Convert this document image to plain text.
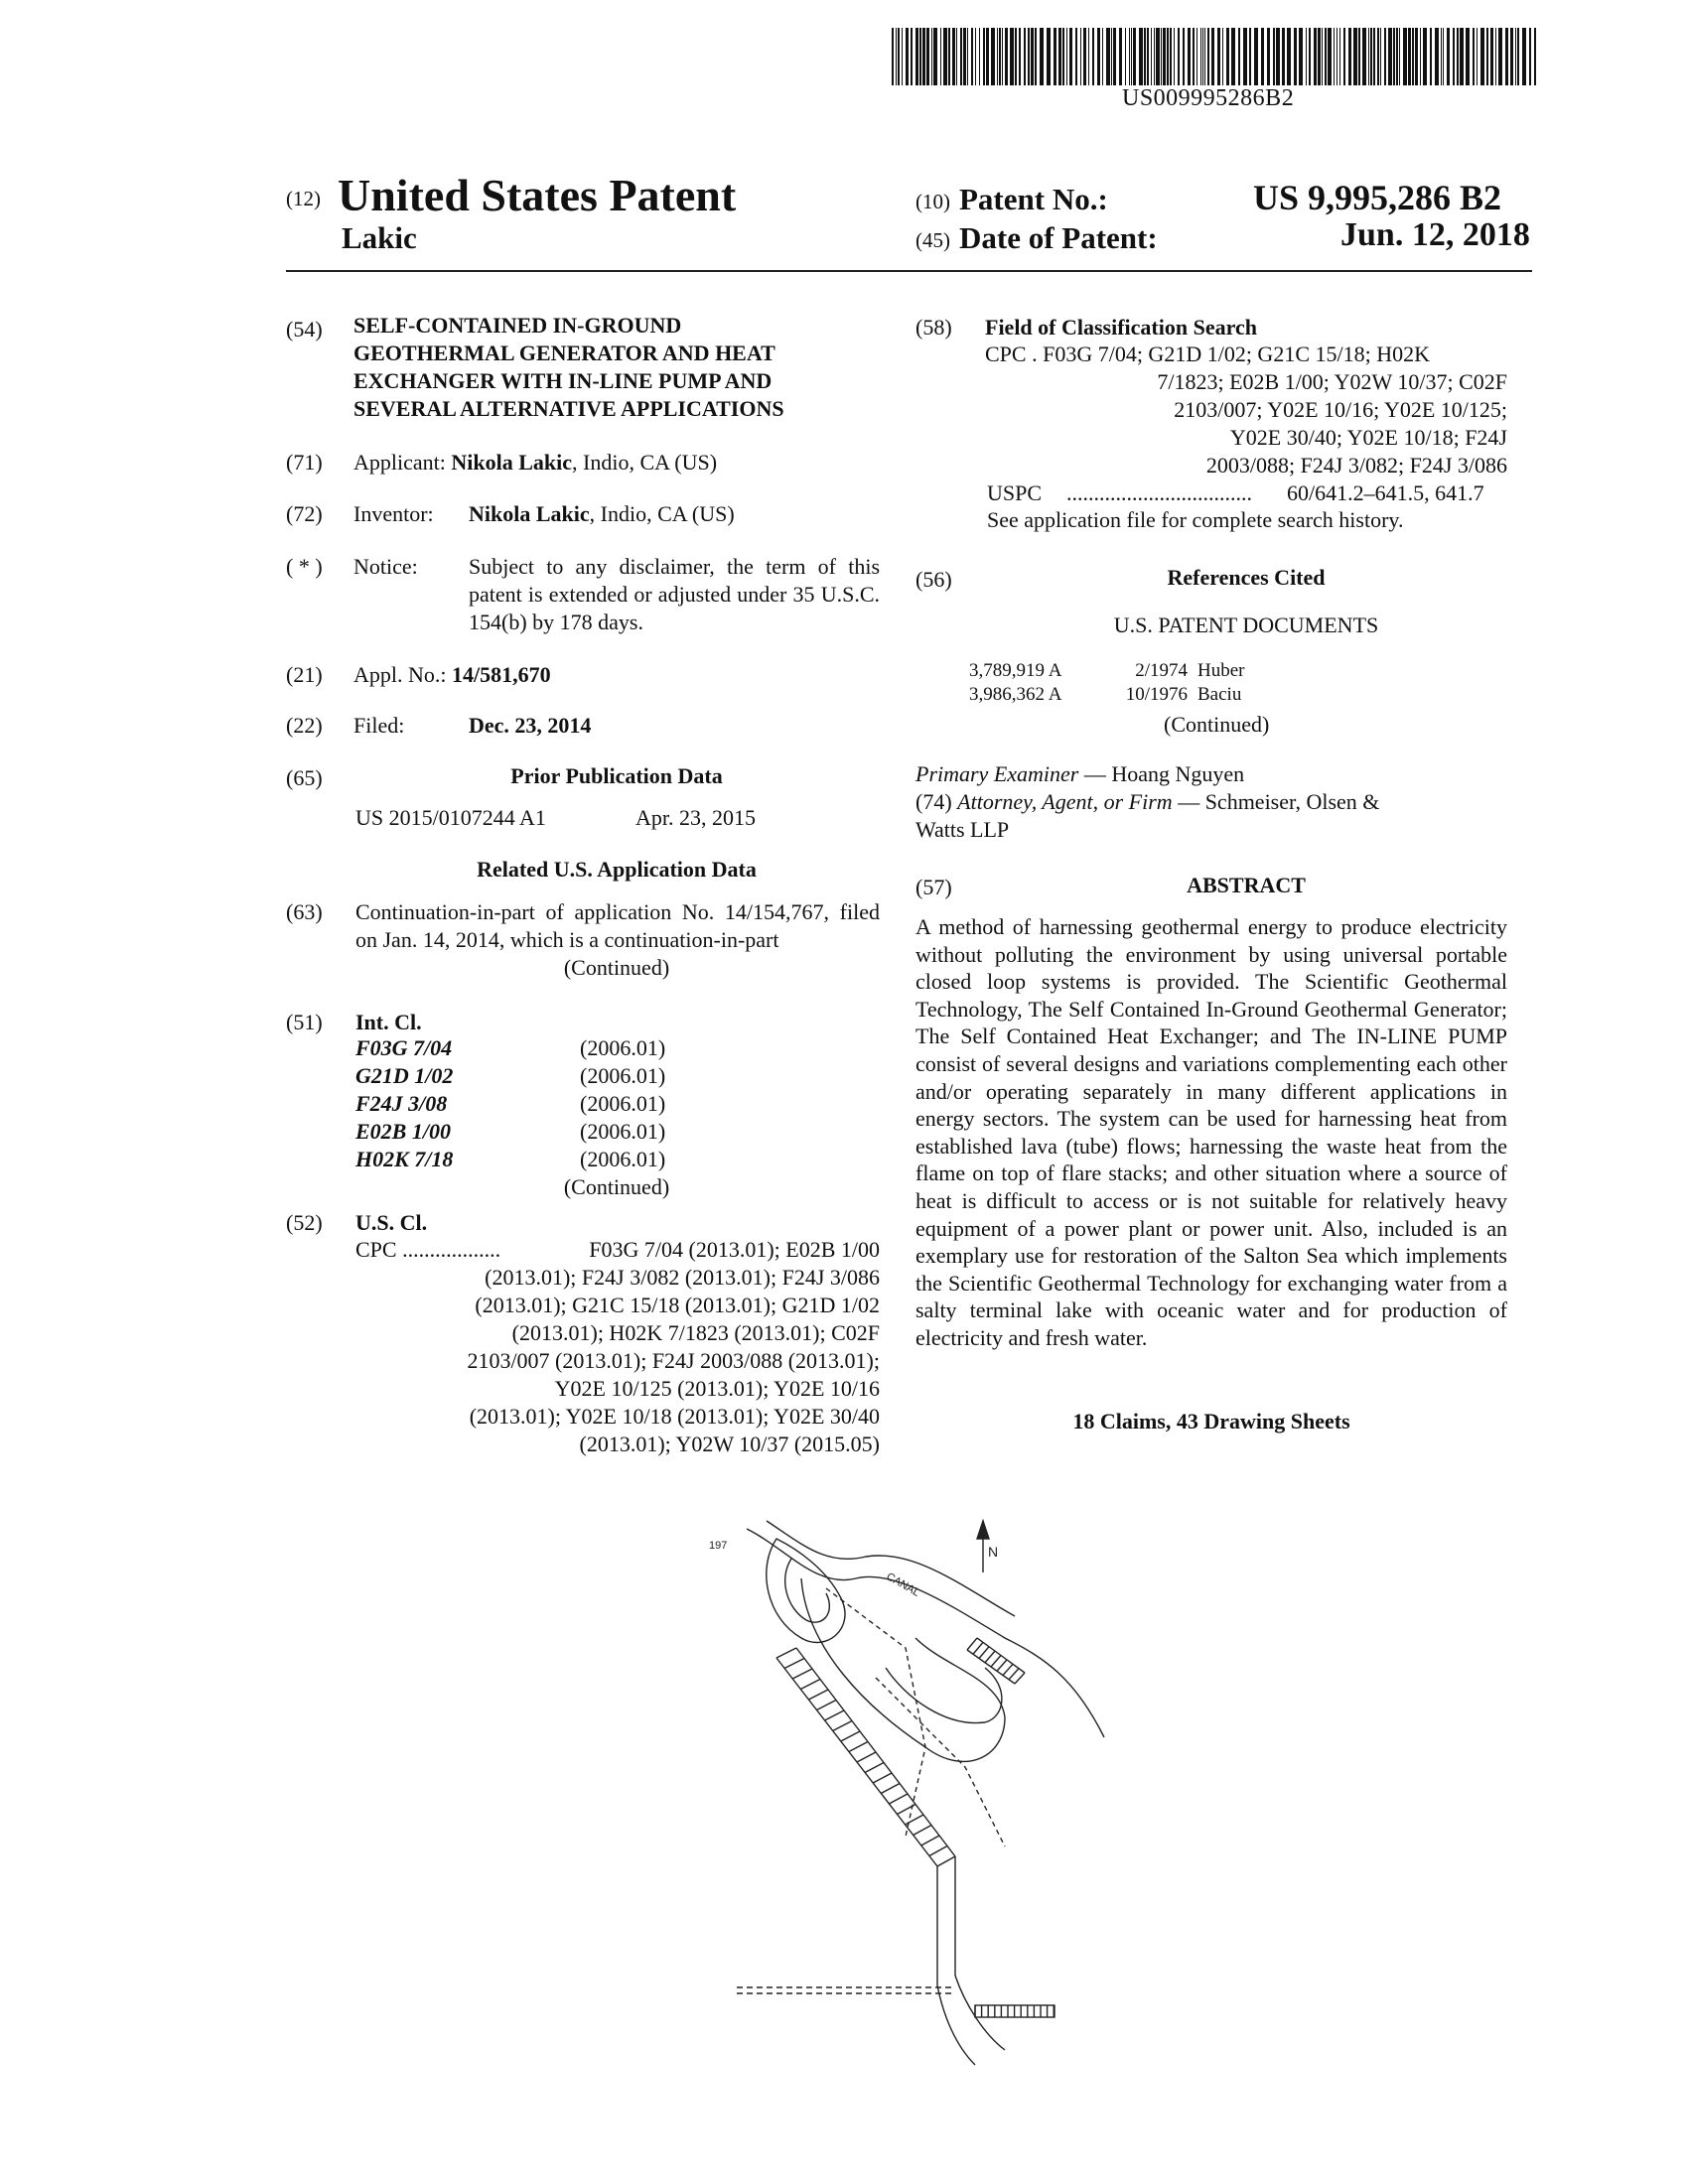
US009995286B2
(12) United States Patent
Lakic
(10) Patent No.:	US 9,995,286 B2
(45) Date of Patent:	Jun. 12, 2018
(54) SELF-CONTAINED IN-GROUND
GEOTHERMAL GENERATOR AND HEAT
EXCHANGER WITH IN-LINE PUMP AND
SEVERAL ALTERNATIVE APPLICATIONS
(71) Applicant: Nikola Lakic, Indio, CA (US)
(72) Inventor: Nikola Lakic, Indio, CA (US)
( * ) Notice: Subject to any disclaimer, the term of this patent is extended or adjusted under 35 U.S.C. 154(b) by 178 days.
(21) Appl. No.: 14/581,670
(22) Filed:	Dec. 23, 2014
(65)	Prior Publication Data
US 2015/0107244 A1	Apr. 23, 2015
Related U.S. Application Data
(63) Continuation-in-part of application No. 14/154,767, filed on Jan. 14, 2014, which is a continuation-in-part
(Continued)
(51) Int. Cl.
F03G 7/04	(2006.01)
G21D 1/02	(2006.01)
F24J 3/08	(2006.01)
E02B 1/00	(2006.01)
H02K 7/18	(2006.01)
(Continued)
(52) U.S. Cl.
CPC ..................	F03G 7/04 (2013.01); E02B 1/00
(2013.01); F24J 3/082 (2013.01); F24J 3/086
(2013.01); G21C 15/18 (2013.01); G21D 1/02
(2013.01); H02K 7/1823 (2013.01); C02F
2103/007 (2013.01); F24J 2003/088 (2013.01);
Y02E 10/125 (2013.01); Y02E 10/16
(2013.01); Y02E 10/18 (2013.01); Y02E 30/40
(2013.01); Y02W 10/37 (2015.05)
(58) Field of Classification Search
CPC . F03G 7/04; G21D 1/02; G21C 15/18; H02K
7/1823; E02B 1/00; Y02W 10/37; C02F
2103/007; Y02E 10/16; Y02E 10/125;
Y02E 30/40; Y02E 10/18; F24J
2003/088; F24J 3/082; F24J 3/086
USPC .................................. 60/641.2–641.5, 641.7
See application file for complete search history.
(56)	References Cited
U.S. PATENT DOCUMENTS
3,789,919 A	2/1974 Huber
3,986,362 A	10/1976 Baciu
(Continued)
Primary Examiner — Hoang Nguyen
(74) Attorney, Agent, or Firm — Schmeiser, Olsen &
Watts LLP
(57)	ABSTRACT
A method of harnessing geothermal energy to produce electricity without polluting the environment by using universal portable closed loop systems is provided. The Scientific Geothermal Technology, The Self Contained In-Ground Geothermal Generator; The Self Contained Heat Exchanger; and The IN-LINE PUMP consist of several designs and variations complementing each other and/or operating separately in many different applications in energy sectors. The system can be used for harnessing heat from established lava (tube) flows; harnessing the waste heat from the flame on top of flare stacks; and other situation where a source of heat is difficult to access or is not suitable for relatively heavy equipment of a power plant or power unit. Also, included is an exemplary use for restoration of the Salton Sea which implements the Scientific Geothermal Technology for exchanging water from a salty terminal lake with oceanic water and for production of electricity and fresh water.
18 Claims, 43 Drawing Sheets
N
CANAL
197
